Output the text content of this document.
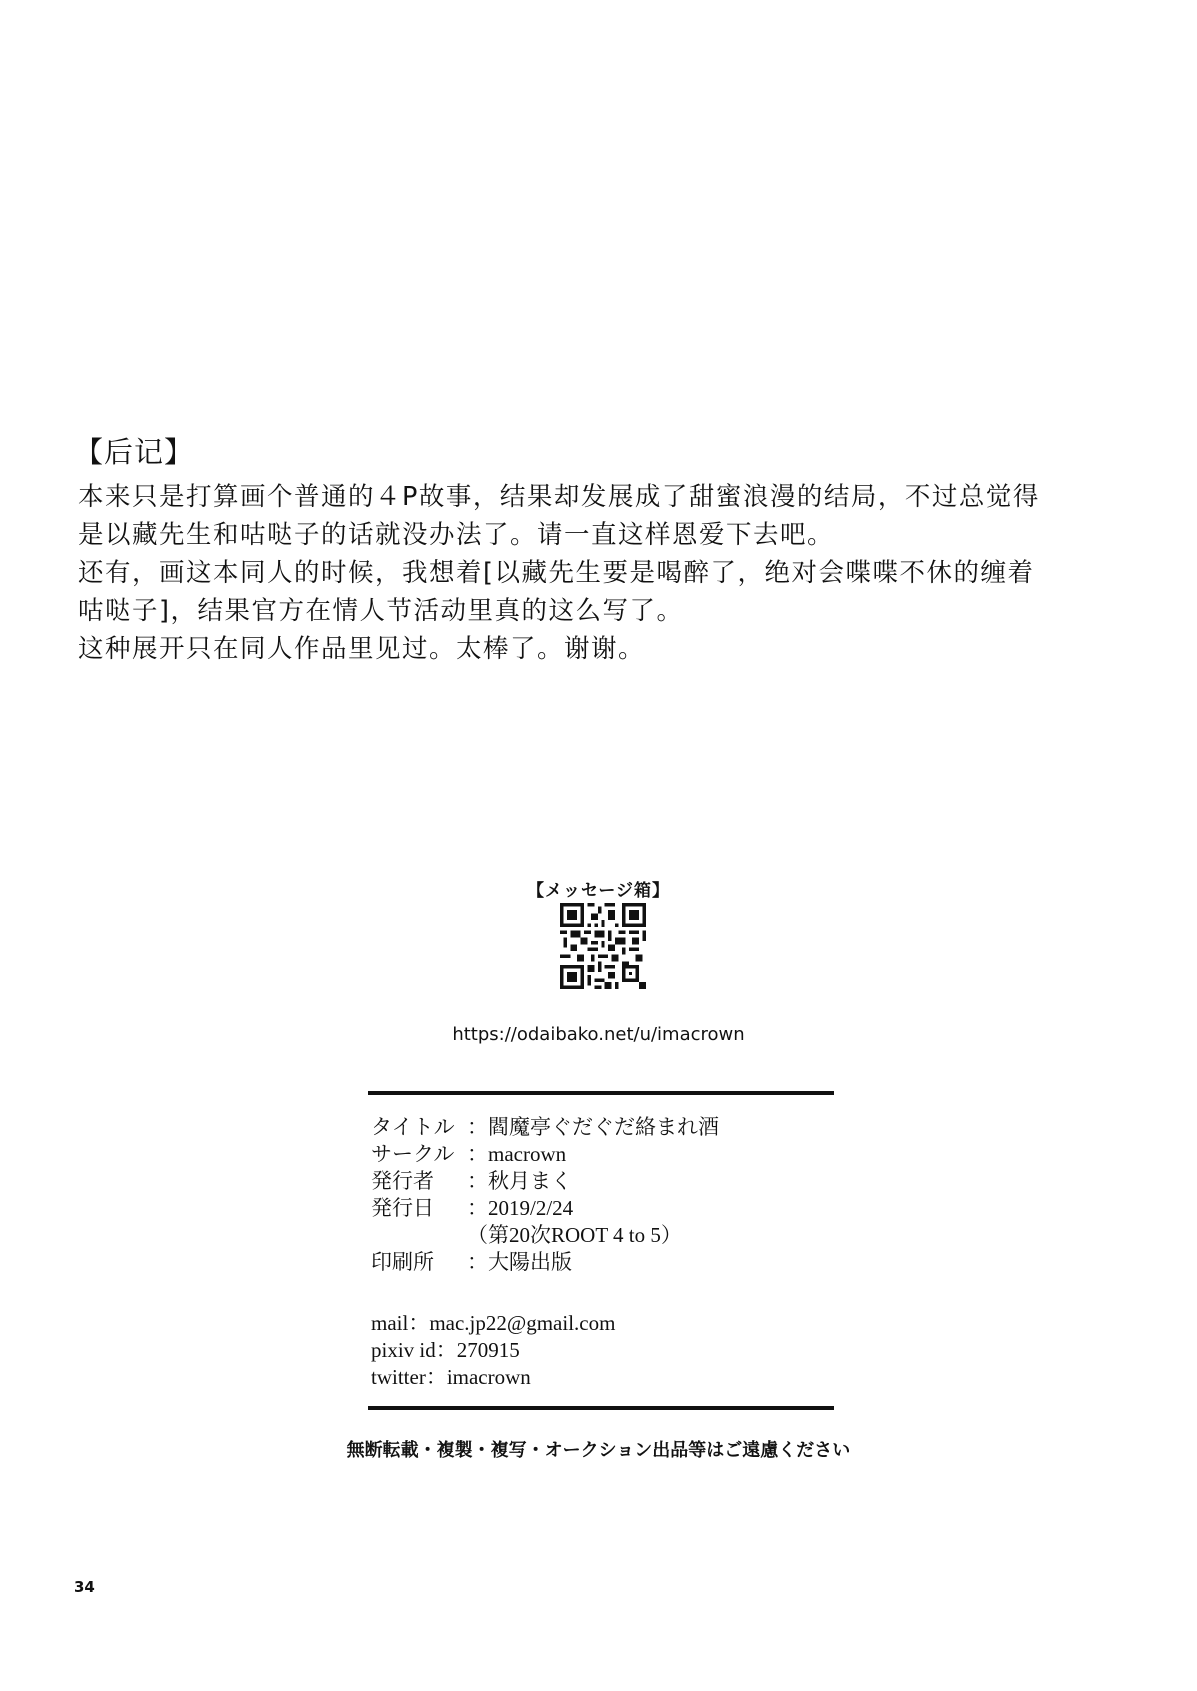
【后记】
本来只是打算画个普通的４P故事，结果却发展成了甜蜜浪漫的结局，不过总觉得
是以藏先生和咕哒子的话就没办法了。请一直这样恩爱下去吧。
还有，画这本同人的时候，我想着[以藏先生要是喝醉了，绝对会喋喋不休的缠着
咕哒子]，结果官方在情人节活动里真的这么写了。
这种展开只在同人作品里见过。太棒了。谢谢。
【メッセージ箱】
https://odaibako.net/u/imacrown
タイトル ：閻魔亭ぐだぐだ絡まれ酒
サークル ：macrown
発行者	：秋月まく
発行日	：2019/2/24
（第20次ROOT 4 to 5）
印刷所	：大陽出版
mail：mac.jp22@gmail.com
pixiv id：270915
twitter：imacrown
無断転載・複製・複写・オークション出品等はご遠慮ください
34
